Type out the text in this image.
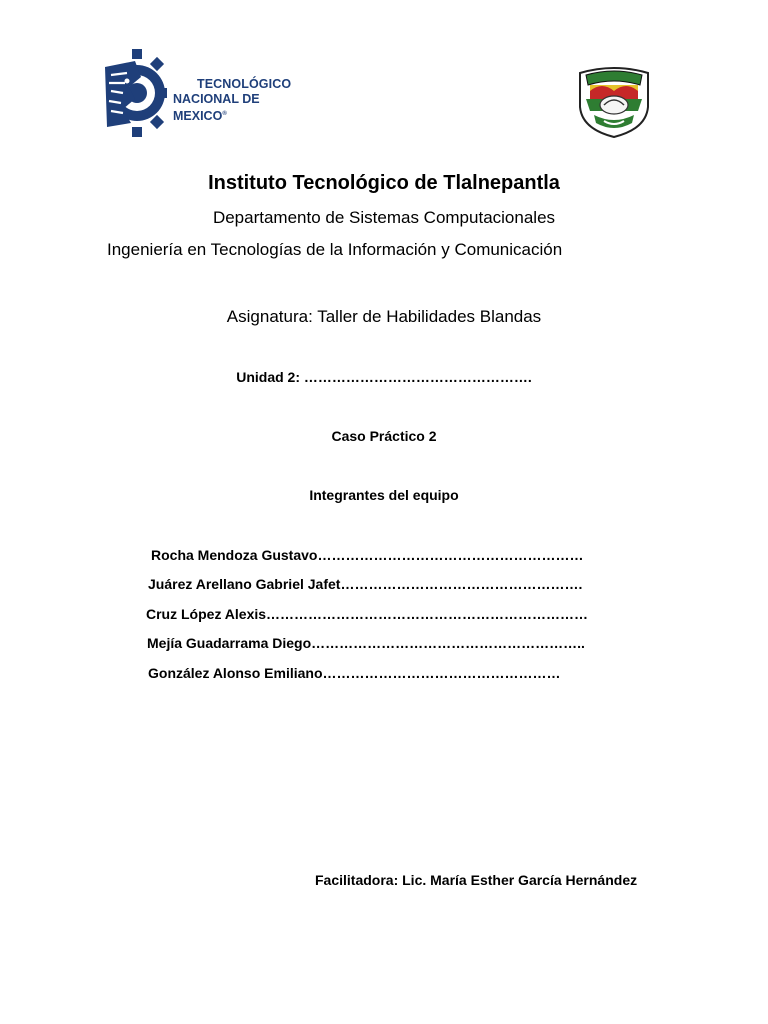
TECNOLÓGICO
NACIONAL DE MEXICO®
Instituto Tecnológico de Tlalnepantla
Departamento de Sistemas Computacionales
Ingeniería en Tecnologías de la Información y Comunicación
Asignatura: Taller de Habilidades Blandas
Unidad 2: ………………………………………….
Caso Práctico 2
Integrantes del equipo
Rocha Mendoza Gustavo…………………………………………………
Juárez Arellano Gabriel Jafet…………………………………………….
Cruz López Alexis……………………………………………………………
Mejía Guadarrama Diego…………………………………………………..
González Alonso Emiliano……………………………………………
Facilitadora: Lic. María Esther García Hernández
